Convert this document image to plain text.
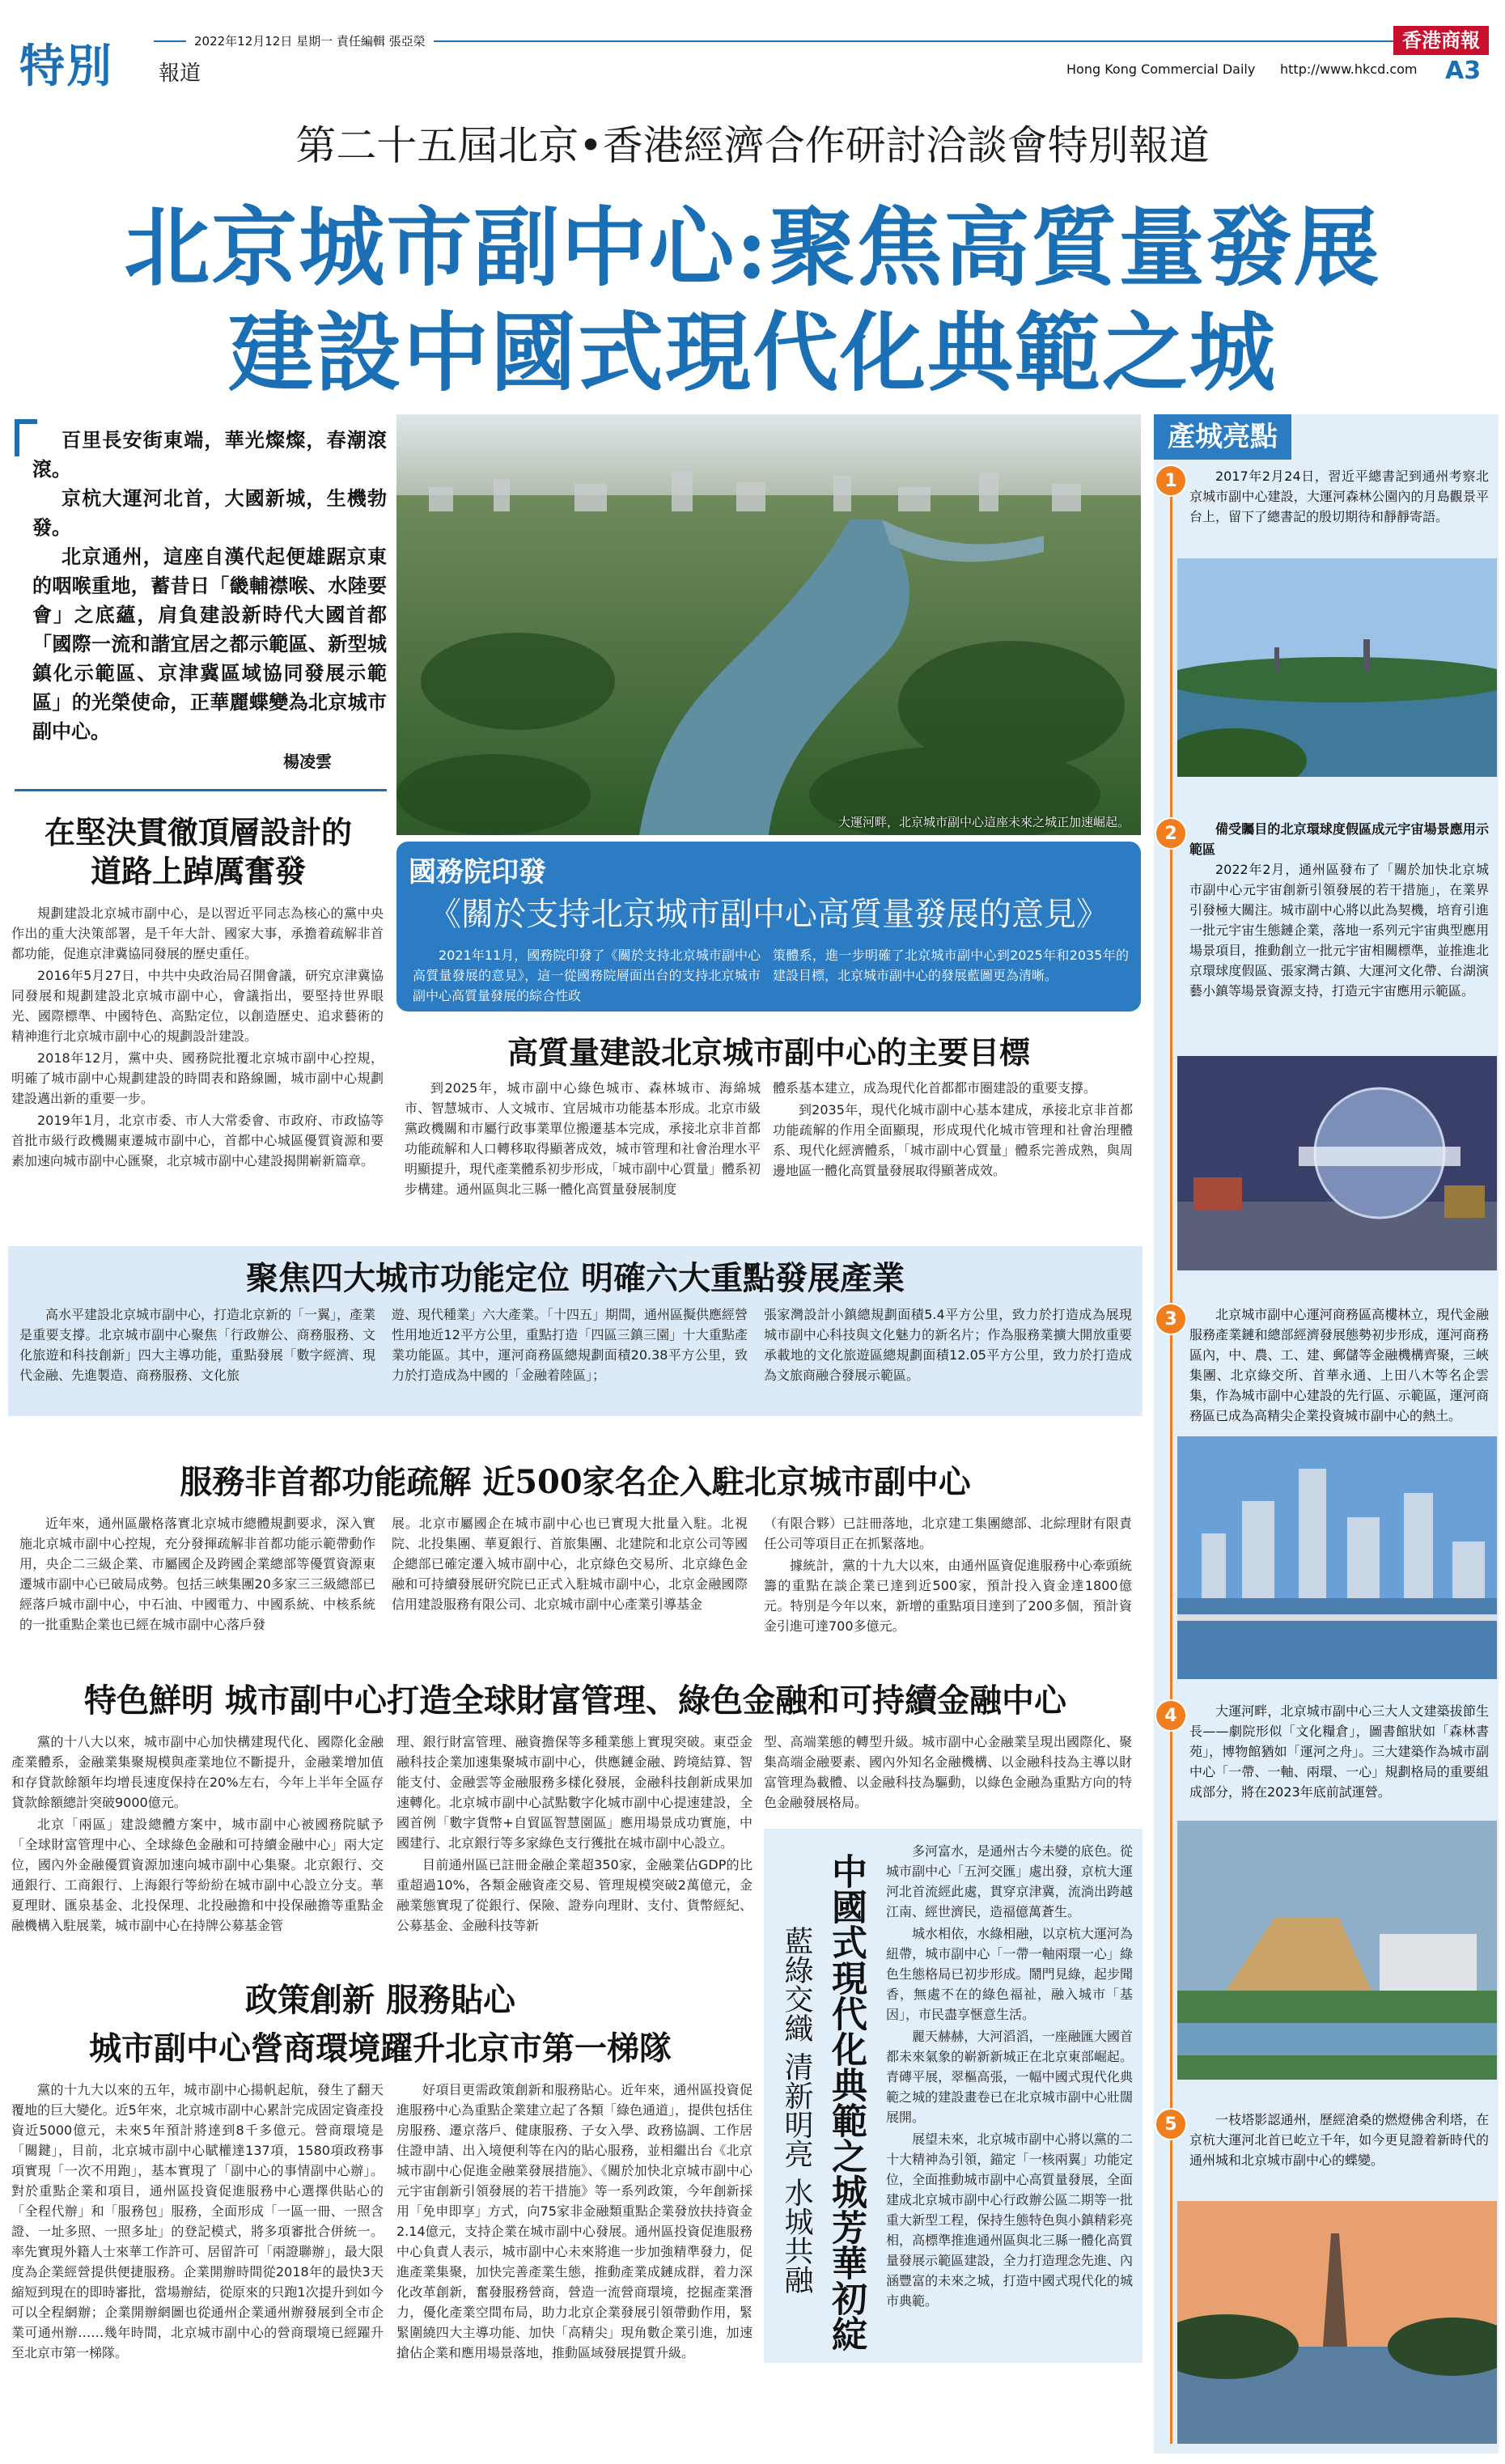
特別 報道
2022年12月12日 星期一 責任編輯 張亞榮
Hong Kong Commercial Daily http://www.hkcd.com
香港商報
A3
第二十五屆北京•香港經濟合作研討洽談會特別報道
北京城市副中心:聚焦高質量發展
建設中國式現代化典範之城

百里長安街東端，華光燦燦，春潮滾滾。

京杭大運河北首，大國新城，生機勃發。

北京通州，這座自漢代起便雄踞京東的咽喉重地，蓄昔日「畿輔襟喉、水陸要會」之底蘊，肩負建設新時代大國首都「國際一流和諧宜居之都示範區、新型城鎮化示範區、京津冀區域協同發展示範區」的光榮使命，正華麗蝶變為北京城市副中心。

楊凌雲
大運河畔，北京城市副中心這座未來之城正加速崛起。
在堅決貫徹頂層設計的
道路上踔厲奮發

規劃建設北京城市副中心，是以習近平同志為核心的黨中央作出的重大決策部署，是千年大計、國家大事，承擔着疏解非首都功能，促進京津冀協同發展的歷史重任。

2016年5月27日，中共中央政治局召開會議，研究京津冀協同發展和規劃建設北京城市副中心，會議指出，要堅持世界眼光、國際標準、中國特色、高點定位，以創造歷史、追求藝術的精神進行北京城市副中心的規劃設計建設。

2018年12月，黨中央、國務院批覆北京城市副中心控規，明確了城市副中心規劃建設的時間表和路線圖，城市副中心規劃建設邁出新的重要一步。

2019年1月，北京市委、市人大常委會、市政府、市政協等首批市級行政機關東遷城市副中心，首都中心城區優質資源和要素加速向城市副中心匯聚，北京城市副中心建設揭開嶄新篇章。

國務院印發
《關於支持北京城市副中心高質量發展的意見》
2021年11月，國務院印發了《關於支持北京城市副中心高質量發展的意見》，這一從國務院層面出台的支持北京城市副中心高質量發展的綜合性政
策體系，進一步明確了北京城市副中心到2025年和2035年的建設目標，北京城市副中心的發展藍圖更為清晰。
高質量建設北京城市副中心的主要目標

到2025年，城市副中心綠色城市、森林城市、海綿城市、智慧城市、人文城市、宜居城市功能基本形成。北京市級黨政機關和市屬行政事業單位搬遷基本完成，承接北京非首都功能疏解和人口轉移取得顯著成效，城市管理和社會治理水平明顯提升，現代產業體系初步形成，「城市副中心質量」體系初步構建。通州區與北三縣一體化高質量發展制度

體系基本建立，成為現代化首都都市圈建設的重要支撐。

到2035年，現代化城市副中心基本建成，承接北京非首都功能疏解的作用全面顯現，形成現代化城市管理和社會治理體系、現代化經濟體系，「城市副中心質量」體系完善成熟，與周邊地區一體化高質量發展取得顯著成效。

聚焦四大城市功能定位 明確六大重點發展產業
高水平建設北京城市副中心，打造北京新的「一翼」，產業是重要支撐。北京城市副中心聚焦「行政辦公、商務服務、文化旅遊和科技創新」四大主導功能，重點發展「數字經濟、現代金融、先進製造、商務服務、文化旅
遊、現代種業」六大產業。「十四五」期間，通州區擬供應經營性用地近12平方公里，重點打造「四區三鎮三園」十大重點產業功能區。其中，運河商務區總規劃面積20.38平方公里，致力於打造成為中國的「金融着陸區」；
張家灣設計小鎮總規劃面積5.4平方公里，致力於打造成為展現城市副中心科技與文化魅力的新名片；作為服務業擴大開放重要承載地的文化旅遊區總規劃面積12.05平方公里，致力於打造成為文旅商融合發展示範區。
服務非首都功能疏解 近500家名企入駐北京城市副中心
近年來，通州區嚴格落實北京城市總體規劃要求，深入實施北京城市副中心控規，充分發揮疏解非首都功能示範帶動作用，央企二三級企業、市屬國企及跨國企業總部等優質資源東遷城市副中心已破局成勢。包括三峽集團20多家三三級總部已經落戶城市副中心，中石油、中國電力、中國系統、中核系統的一批重點企業也已經在城市副中心落戶發
展。北京市屬國企在城市副中心也已實現大批量入駐。北視院、北投集團、華夏銀行、首旅集團、北建院和北京公司等國企總部已確定遷入城市副中心，北京綠色交易所、北京綠色金融和可持續發展研究院已正式入駐城市副中心，北京金融國際信用建設服務有限公司、北京城市副中心產業引導基金

（有限合夥）已註冊落地，北京建工集團總部、北綜理財有限責任公司等項目正在抓緊落地。

據統計，黨的十九大以來，由通州區資促進服務中心牽頭統籌的重點在談企業已達到近500家，預計投入資金達1800億元。特別是今年以來，新增的重點項目達到了200多個，預計資金引進可達700多億元。

特色鮮明 城市副中心打造全球財富管理、綠色金融和可持續金融中心

黨的十八大以來，城市副中心加快構建現代化、國際化金融產業體系，金融業集聚規模與產業地位不斷提升，金融業增加值和存貸款餘額年均增長速度保持在20%左右，今年上半年全區存貸款餘額總計突破9000億元。

北京「兩區」建設總體方案中，城市副中心被國務院賦予「全球財富管理中心、全球綠色金融和可持續金融中心」兩大定位，國內外金融優質資源加速向城市副中心集聚。北京銀行、交通銀行、工商銀行、上海銀行等紛紛在城市副中心設立分支。華夏理財、匯泉基金、北投保理、北投融擔和中投保融擔等重點金融機構入駐展業，城市副中心在持牌公募基金管

理、銀行財富管理、融資擔保等多種業態上實現突破。東亞金融科技企業加速集聚城市副中心，供應鏈金融、跨境結算、智能支付、金融雲等金融服務多樣化發展，金融科技創新成果加速轉化。北京城市副中心試點數字化城市副中心提速建設，全國首例「數字貨幣+自貿區智慧園區」應用場景成功實施，中國建行、北京銀行等多家綠色支行獲批在城市副中心設立。

目前通州區已註冊金融企業超350家，金融業佔GDP的比重超過10%，各類金融資產交易、管理規模突破2萬億元，金融業態實現了從銀行、保險、證券向理財、支付、貨幣經紀、公募基金、金融科技等新

型、高端業態的轉型升級。城市副中心金融業呈現出國際化、聚集高端金融要素、國內外知名金融機構、以金融科技為主導以財富管理為載體、以金融科技為驅動，以綠色金融為重點方向的特色金融發展格局。
政策創新 服務貼心
城市副中心營商環境躍升北京市第一梯隊
黨的十九大以來的五年，城市副中心揚帆起航，發生了翻天覆地的巨大變化。近5年來，北京城市副中心累計完成固定資產投資近5000億元，未來5年預計將達到8千多億元。營商環境是「關鍵」，目前，北京城市副中心賦權達137項，1580項政務事項實現「一次不用跑」，基本實現了「副中心的事情副中心辦」。對於重點企業和項目，通州區投資促進服務中心選擇供貼心的「全程代辦」和「服務包」服務，全面形成「一區一冊、一照含證、一址多照、一照多址」的登記模式，將多項審批合併統一。率先實現外籍人士來華工作許可、居留許可「兩證聯辦」，最大限度為企業經營提供便捷服務。企業開辦時間從2018年的最快3天縮短到現在的即時審批，當場辦結，從原來的只跑1次提升到如今可以全程網辦；企業開辦網圖也從通州企業通州辦發展到全市企業可通州辦……幾年時間，北京城市副中心的營商環境已經躍升至北京市第一梯隊。
好項目更需政策創新和服務貼心。近年來，通州區投資促進服務中心為重點企業建立起了各類「綠色通道」，提供包括住房服務、遷京落戶、健康服務、子女入學、政務協調、工作居住證申請、出入境便利等在內的貼心服務，並相繼出台《北京城市副中心促進金融業發展措施》、《關於加快北京城市副中心元宇宙創新引領發展的若干措施》等一系列政策，今年創新採用「免申即享」方式，向75家非金融類重點企業發放扶持資金2.14億元，支持企業在城市副中心發展。通州區投資促進服務中心負責人表示，城市副中心未來將進一步加強精準發力，促進產業集聚，加快完善產業生態，推動產業成鏈成群，着力深化改革創新，奮發服務營商，營造一流營商環境，挖掘產業潛力，優化產業空間布局，助力北京企業發展引領帶動作用，緊緊圍繞四大主導功能、加快「高精尖」現角數企業引進，加速搶佔企業和應用場景落地，推動區域發展提質升級。
中國式現代化典範之城芳華初綻
藍綠交織 清新明亮 水城共融

多河富水，是通州古今未變的底色。從城市副中心「五河交匯」處出發，京杭大運河北首流經此處，貫穿京津冀，流淌出跨越江南、經世濟民，造福億萬蒼生。

城水相依，水綠相融，以京杭大運河為紐帶，城市副中心「一帶一軸兩環一心」綠色生態格局已初步形成。鬧門見綠，起步聞香，無處不在的綠色福祉，融入城市「基因」，市民盡享愜意生活。

麗天赫赫，大河滔滔，一座融匯大國首都未來氣象的嶄新新城正在北京東部崛起。青磚平展，翠樞高張，一幅中國式現代化典範之城的建設畫卷已在北京城市副中心壯闊展開。

展望未來，北京城市副中心將以黨的二十大精神為引領，錨定「一核兩翼」功能定位，全面推動城市副中心高質量發展，全面建成北京城市副中心行政辦公區二期等一批重大新型工程，保持生態特色與小鎮精彩亮相，高標準推進通州區與北三縣一體化高質量發展示範區建設，全力打造理念先進、內涵豐富的未來之城，打造中國式現代化的城市典範。

產城亮點
1	2017年2月24日，習近平總書記到通州考察北京城市副中心建設，大運河森林公園內的月島觀景平台上，留下了總書記的殷切期待和靜靜寄語。

2	備受矚目的北京環球度假區成元宇宙場景應用示範區

2022年2月，通州區發布了「關於加快北京城市副中心元宇宙創新引領發展的若干措施」，在業界引發極大關注。城市副中心將以此為契機，培育引進一批元宇宙生態鏈企業，落地一系列元宇宙典型應用場景項目，推動創立一批元宇宙相關標準，並推進北京環球度假區、張家灣古鎮、大運河文化帶、台湖演藝小鎮等場景資源支持，打造元宇宙應用示範區。

3	北京城市副中心運河商務區高樓林立，現代金融服務產業鏈和總部經濟發展態勢初步形成，運河商務區內，中、農、工、建、郵儲等金融機構齊聚，三峽集團、北京綠交所、首華永通、上田八木等名企雲集，作為城市副中心建設的先行區、示範區，運河商務區已成為高精尖企業投資城市副中心的熱土。

4	大運河畔，北京城市副中心三大人文建築拔節生長——劇院形似「文化糧倉」，圖書館狀如「森林書苑」，博物館猶如「運河之舟」。三大建築作為城市副中心「一帶、一軸、兩環、一心」規劃格局的重要組成部分，將在2023年底前試運營。

5	一枝塔影認通州，歷經滄桑的燃燈佛舍利塔，在京杭大運河北首已屹立千年，如今更見證着新時代的通州城和北京城市副中心的蝶變。
